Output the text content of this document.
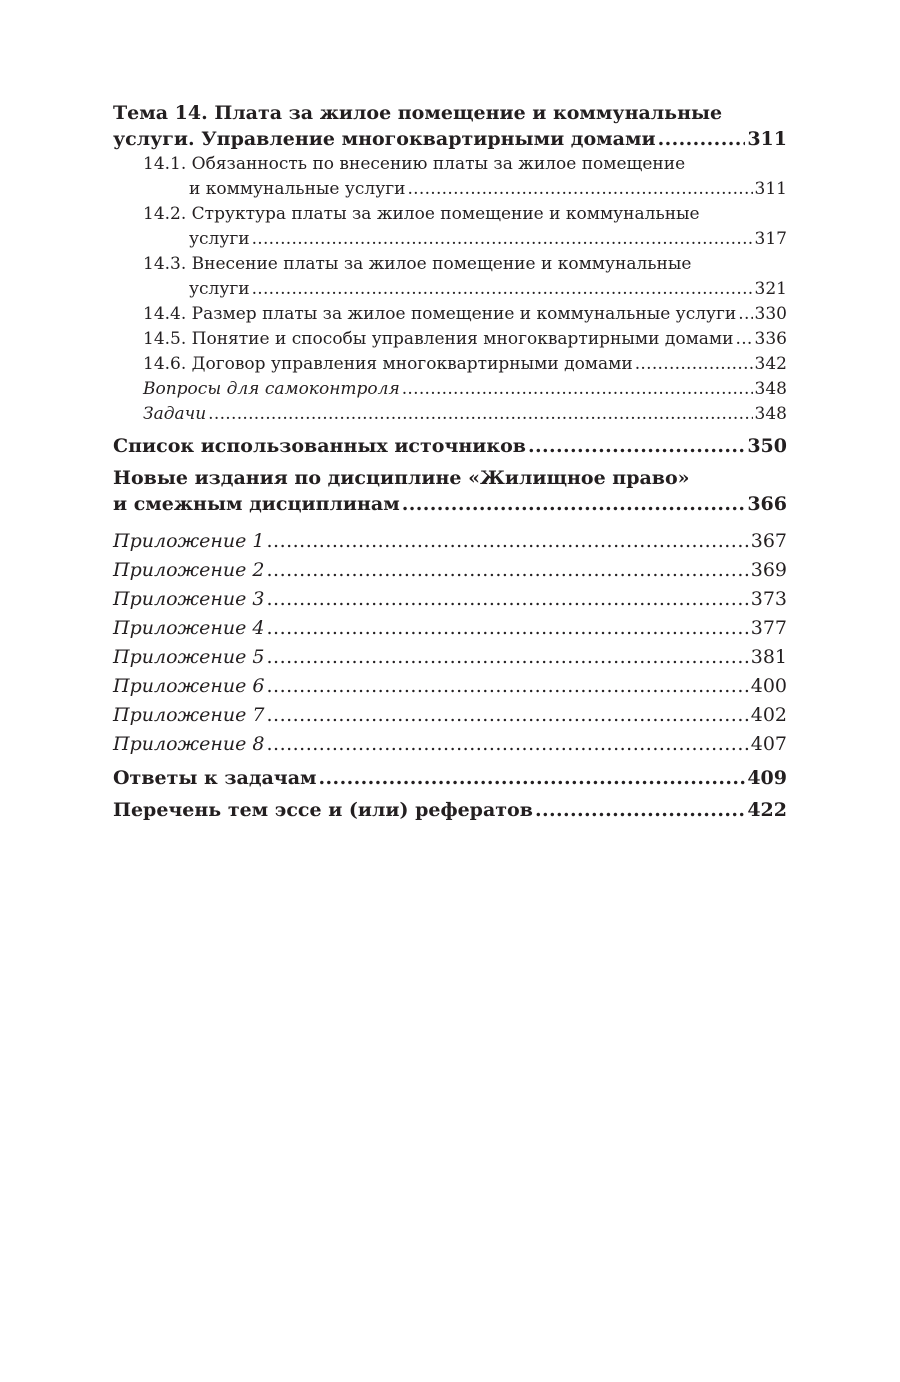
Тема 14. Плата за жилое помещение и коммунальные
услуги. Управление многоквартирными домами .....	311
14.1. Обязанность по внесению платы за жилое помещение
и коммунальные услуги .....	311
14.2. Структура платы за жилое помещение и коммунальные
услуги .....	317
14.3. Внесение платы за жилое помещение и коммунальные
услуги .....	321
14.4. Размер платы за жилое помещение и коммунальные услуги ..... 330
14.5. Понятие и способы управления многоквартирными домами ..... 336
14.6. Договор управления многоквартирными домами .....	342
Вопросы для самоконтроля .....	348
Задачи .....	348
Список использованных источников .....	350
Новые издания по дисциплине «Жилищное право»
и смежным дисциплинам .....	366
Приложение 1 .....	367
Приложение 2 .....	369
Приложение 3 .....	373
Приложение 4 .....	377
Приложение 5 .....	381
Приложение 6 .....	400
Приложение 7 .....	402
Приложение 8 .....	407
Ответы к задачам .....	409
Перечень тем эссе и (или) рефератов .....	422
